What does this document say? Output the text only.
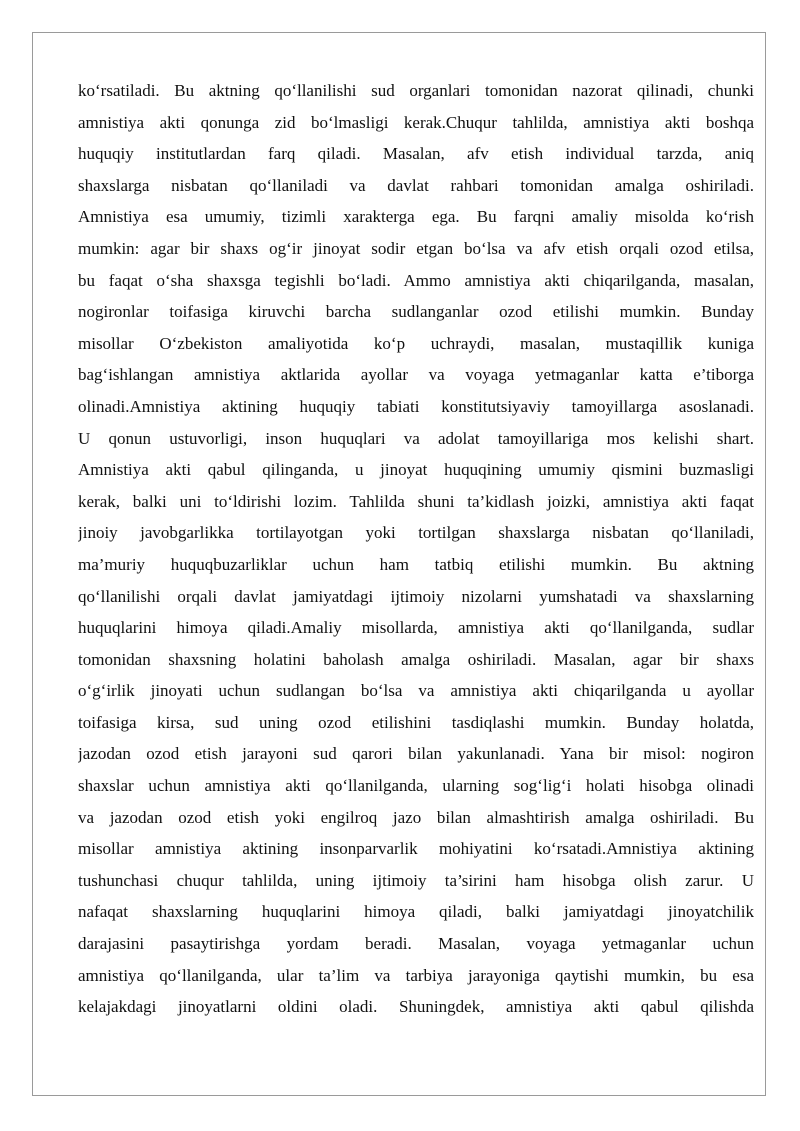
ko‘rsatiladi. Bu aktning qo‘llanilishi sud organlari tomonidan nazorat qilinadi, chunki
amnistiya akti qonunga zid bo‘lmasligi kerak.Chuqur tahlilda, amnistiya akti boshqa
huquqiy institutlardan farq qiladi. Masalan, afv etish individual tarzda, aniq
shaxslarga nisbatan qo‘llaniladi va davlat rahbari tomonidan amalga oshiriladi.
Amnistiya esa umumiy, tizimli xarakterga ega. Bu farqni amaliy misolda ko‘rish
mumkin: agar bir shaxs og‘ir jinoyat sodir etgan bo‘lsa va afv etish orqali ozod etilsa,
bu faqat o‘sha shaxsga tegishli bo‘ladi. Ammo amnistiya akti chiqarilganda, masalan,
nogironlar toifasiga kiruvchi barcha sudlanganlar ozod etilishi mumkin. Bunday
misollar O‘zbekiston amaliyotida ko‘p uchraydi, masalan, mustaqillik kuniga
bag‘ishlangan amnistiya aktlarida ayollar va voyaga yetmaganlar katta e’tiborga
olinadi.Amnistiya aktining huquqiy tabiati konstitutsiyaviy tamoyillarga asoslanadi.
U qonun ustuvorligi, inson huquqlari va adolat tamoyillariga mos kelishi shart.
Amnistiya akti qabul qilinganda, u jinoyat huquqining umumiy qismini buzmasligi
kerak, balki uni to‘ldirishi lozim. Tahlilda shuni ta’kidlash joizki, amnistiya akti faqat
jinoiy javobgarlikka tortilayotgan yoki tortilgan shaxslarga nisbatan qo‘llaniladi,
ma’muriy huquqbuzarliklar uchun ham tatbiq etilishi mumkin. Bu aktning
qo‘llanilishi orqali davlat jamiyatdagi ijtimoiy nizolarni yumshatadi va shaxslarning
huquqlarini himoya qiladi.Amaliy misollarda, amnistiya akti qo‘llanilganda, sudlar
tomonidan shaxsning holatini baholash amalga oshiriladi. Masalan, agar bir shaxs
o‘g‘irlik jinoyati uchun sudlangan bo‘lsa va amnistiya akti chiqarilganda u ayollar
toifasiga kirsa, sud uning ozod etilishini tasdiqlashi mumkin. Bunday holatda,
jazodan ozod etish jarayoni sud qarori bilan yakunlanadi. Yana bir misol: nogiron
shaxslar uchun amnistiya akti qo‘llanilganda, ularning sog‘lig‘i holati hisobga olinadi
va jazodan ozod etish yoki engilroq jazo bilan almashtirish amalga oshiriladi. Bu
misollar amnistiya aktining insonparvarlik mohiyatini ko‘rsatadi.Amnistiya aktining
tushunchasi chuqur tahlilda, uning ijtimoiy ta’sirini ham hisobga olish zarur. U
nafaqat shaxslarning huquqlarini himoya qiladi, balki jamiyatdagi jinoyatchilik
darajasini pasaytirishga yordam beradi. Masalan, voyaga yetmaganlar uchun
amnistiya qo‘llanilganda, ular ta’lim va tarbiya jarayoniga qaytishi mumkin, bu esa
kelajakdagi jinoyatlarni oldini oladi. Shuningdek, amnistiya akti qabul qilishda
